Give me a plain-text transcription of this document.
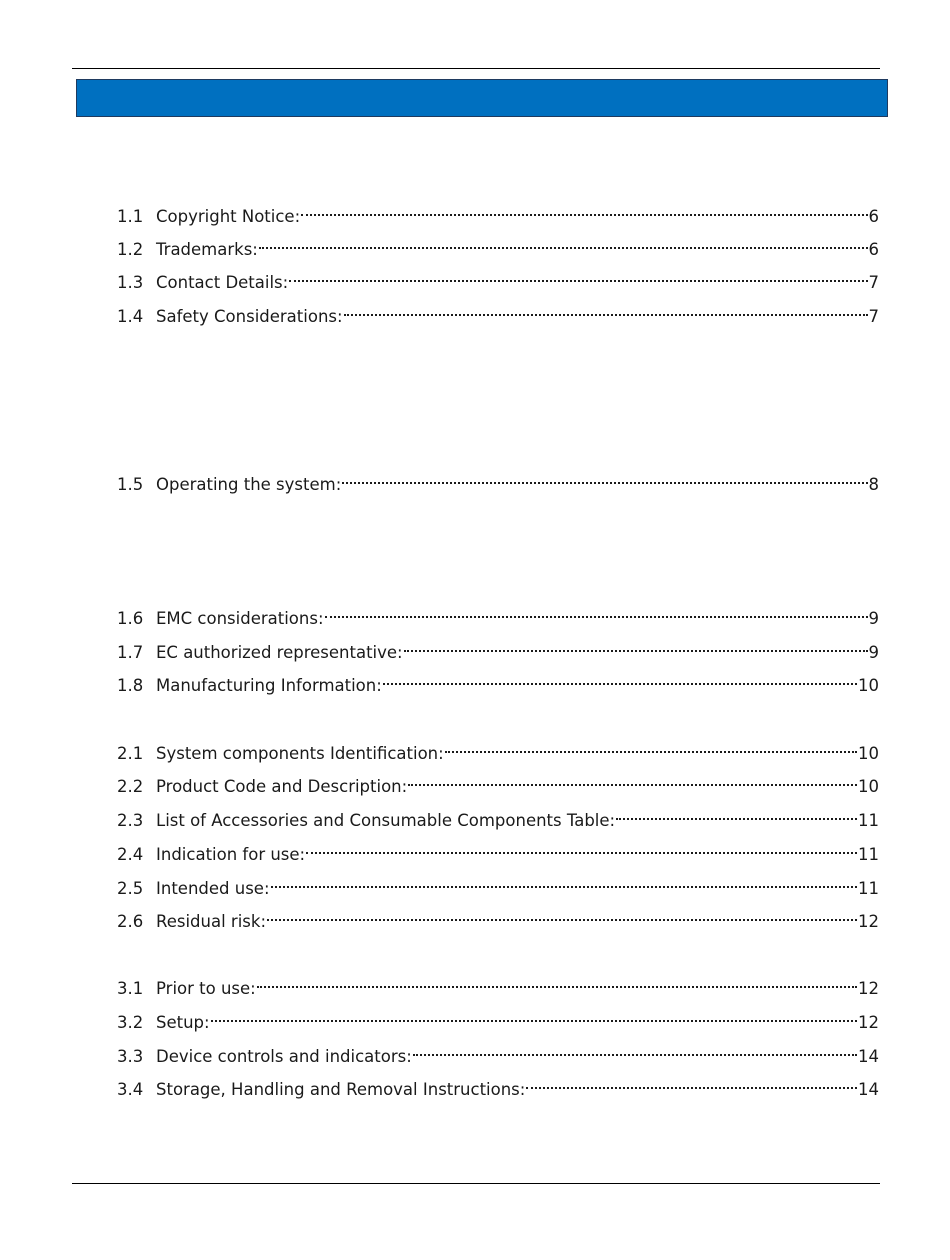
1.1 Copyright Notice:	6
1.2 Trademarks:	6
1.3 Contact Details:	7
1.4 Safety Considerations:	7
1.5 Operating the system:	8
1.6 EMC considerations:	9
1.7 EC authorized representative:	9
1.8 Manufacturing Information:	10
2.1 System components Identification:	10
2.2 Product Code and Description:	10
2.3 List of Accessories and Consumable Components Table:	11
2.4 Indication for use:	11
2.5 Intended use:	11
2.6 Residual risk:	12
3.1 Prior to use:	12
3.2 Setup:	12
3.3 Device controls and indicators:	14
3.4 Storage, Handling and Removal Instructions:	14
